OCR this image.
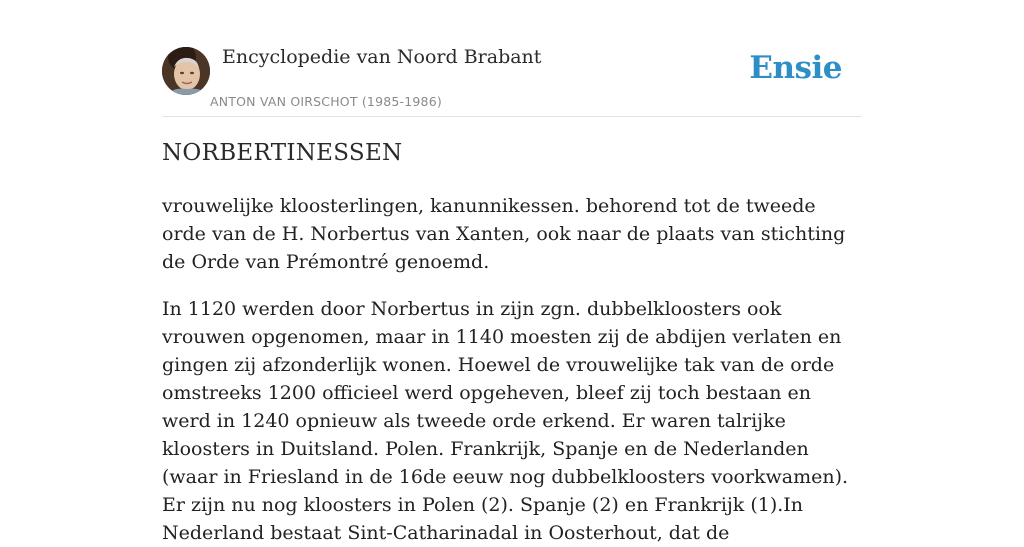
Encyclopedie van Noord Brabant
ANTON VAN OIRSCHOT (1985-1986)
Ensie
NORBERTINESSEN

vrouwelijke kloosterlingen, kanunnikessen. behorend tot de tweede orde van de H. Norbertus van Xanten, ook naar de plaats van stichting de Orde van Prémontré genoemd.

In 1120 werden door Norbertus in zijn zgn. dubbelkloosters ook vrouwen opgenomen, maar in 1140 moesten zij de abdijen verlaten en gingen zij afzonderlijk wonen. Hoewel de vrouwelijke tak van de orde omstreeks 1200 officieel werd opgeheven, bleef zij toch bestaan en werd in 1240 opnieuw als tweede orde erkend. Er waren talrijke kloosters in Duitsland. Polen. Frankrijk, Spanje en de Nederlanden (waar in Friesland in de 16de eeuw nog dubbelkloosters voorkwamen). Er zijn nu nog kloosters in Polen (2). Spanje (2) en Frankrijk (1).In Nederland bestaat Sint-Catharinadal in Oosterhout, dat de
